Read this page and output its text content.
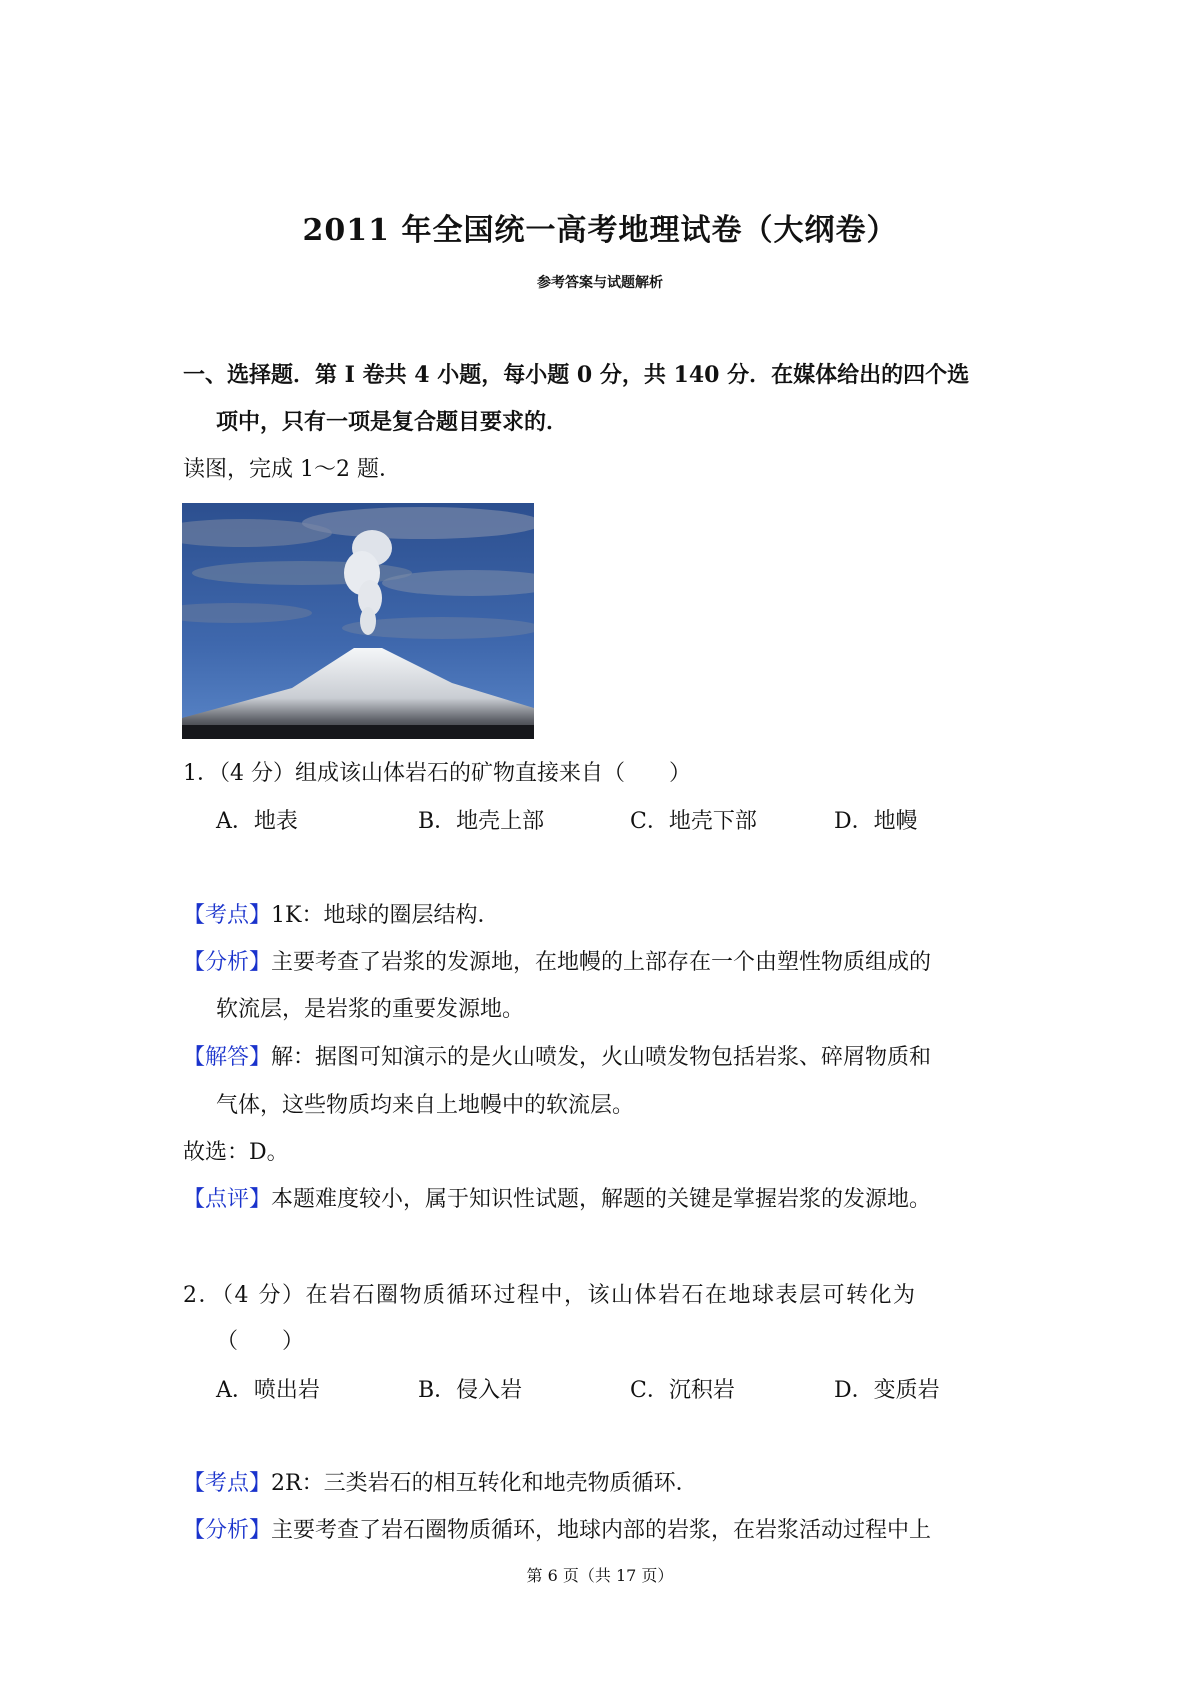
2011 年全国统一高考地理试卷（大纲卷）
参考答案与试题解析
一、选择题．第 I 卷共 4 小题，每小题 0 分，共 140 分．在媒体给出的四个选
项中，只有一项是复合题目要求的．
读图，完成 1～2 题．
1．（4 分）组成该山体岩石的矿物直接来自（　　）
A．地表	B．地壳上部	C．地壳下部	D．地幔
【考点】1K：地球的圈层结构．
【分析】主要考查了岩浆的发源地，在地幔的上部存在一个由塑性物质组成的
软流层，是岩浆的重要发源地。
【解答】解：据图可知演示的是火山喷发，火山喷发物包括岩浆、碎屑物质和
气体，这些物质均来自上地幔中的软流层。
故选：D。
【点评】本题难度较小，属于知识性试题，解题的关键是掌握岩浆的发源地。
2．（4 分）在岩石圈物质循环过程中，该山体岩石在地球表层可转化为
（　　）
A．喷出岩	B．侵入岩	C．沉积岩	D．变质岩
【考点】2R：三类岩石的相互转化和地壳物质循环．
【分析】主要考查了岩石圈物质循环，地球内部的岩浆，在岩浆活动过程中上
第 6 页（共 17 页）
